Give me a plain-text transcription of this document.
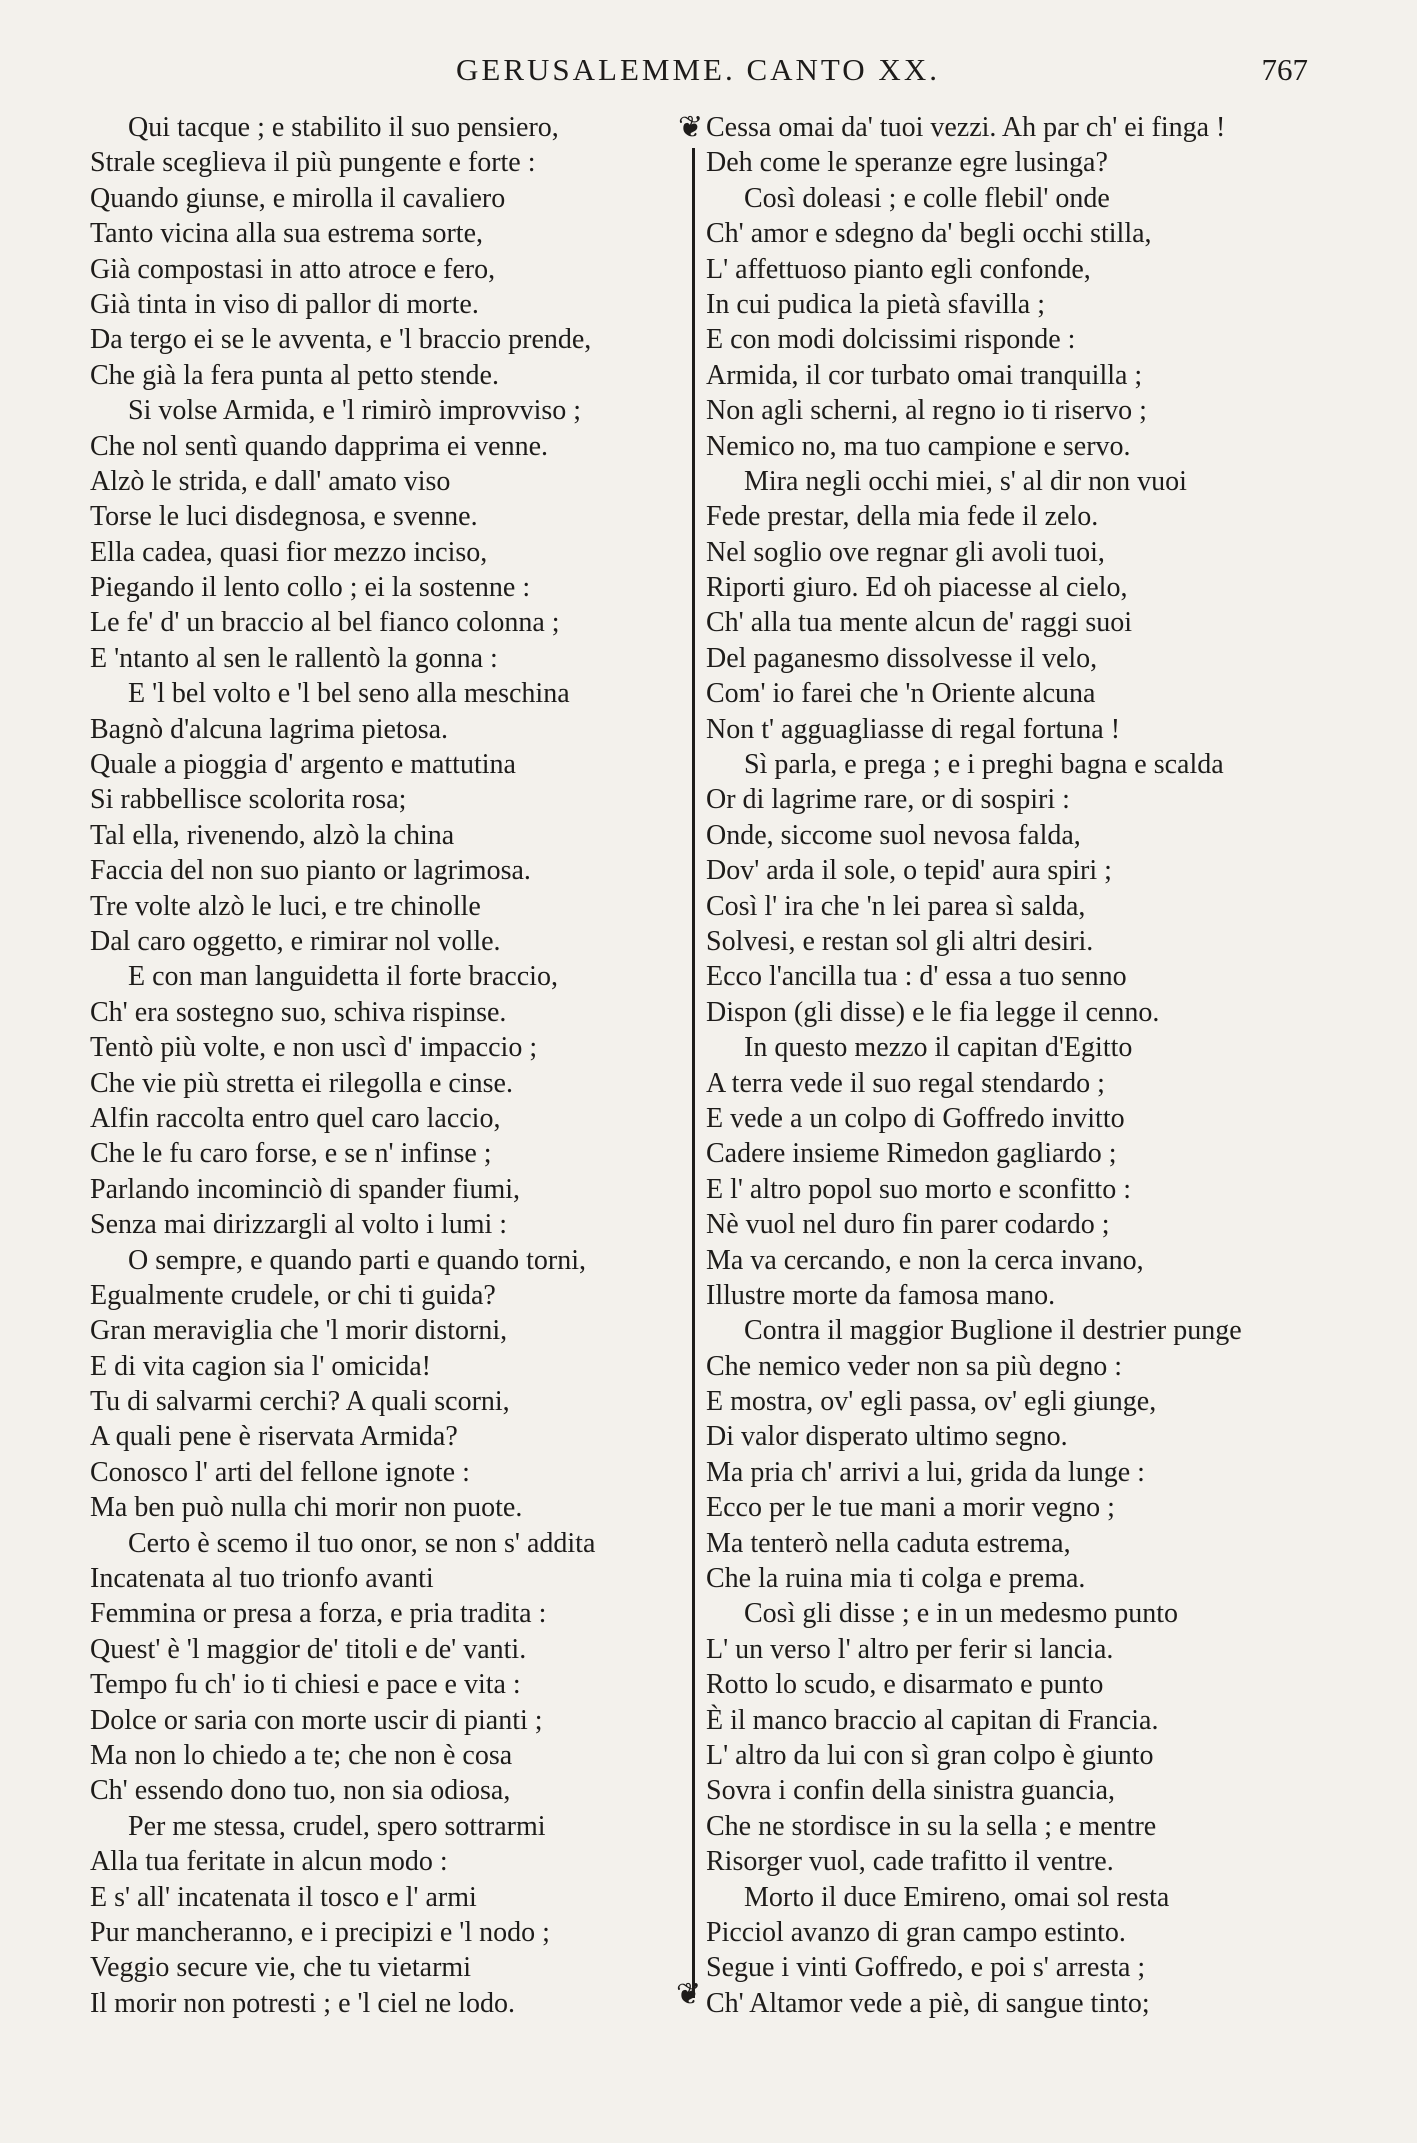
GERUSALEMME. CANTO XX.	767
❦
❦
Qui tacque ; e stabilito il suo pensiero,
Strale sceglieva il più pungente e forte :
Quando giunse, e mirolla il cavaliero
Tanto vicina alla sua estrema sorte,
Già compostasi in atto atroce e fero,
Già tinta in viso di pallor di morte.
Da tergo ei se le avventa, e 'l braccio prende,
Che già la fera punta al petto stende.
Si volse Armida, e 'l rimirò improvviso ;
Che nol sentì quando dapprima ei venne.
Alzò le strida, e dall' amato viso
Torse le luci disdegnosa, e svenne.
Ella cadea, quasi fior mezzo inciso,
Piegando il lento collo ; ei la sostenne :
Le fe' d' un braccio al bel fianco colonna ;
E 'ntanto al sen le rallentò la gonna :
E 'l bel volto e 'l bel seno alla meschina
Bagnò d'alcuna lagrima pietosa.
Quale a pioggia d' argento e mattutina
Si rabbellisce scolorita rosa;
Tal ella, rivenendo, alzò la china
Faccia del non suo pianto or lagrimosa.
Tre volte alzò le luci, e tre chinolle
Dal caro oggetto, e rimirar nol volle.
E con man languidetta il forte braccio,
Ch' era sostegno suo, schiva rispinse.
Tentò più volte, e non uscì d' impaccio ;
Che vie più stretta ei rilegolla e cinse.
Alfin raccolta entro quel caro laccio,
Che le fu caro forse, e se n' infinse ;
Parlando incominciò di spander fiumi,
Senza mai dirizzargli al volto i lumi :
O sempre, e quando parti e quando torni,
Egualmente crudele, or chi ti guida?
Gran meraviglia che 'l morir distorni,
E di vita cagion sia l' omicida!
Tu di salvarmi cerchi? A quali scorni,
A quali pene è riservata Armida?
Conosco l' arti del fellone ignote :
Ma ben può nulla chi morir non puote.
Certo è scemo il tuo onor, se non s' addita
Incatenata al tuo trionfo avanti
Femmina or presa a forza, e pria tradita :
Quest' è 'l maggior de' titoli e de' vanti.
Tempo fu ch' io ti chiesi e pace e vita :
Dolce or saria con morte uscir di pianti ;
Ma non lo chiedo a te; che non è cosa
Ch' essendo dono tuo, non sia odiosa,
Per me stessa, crudel, spero sottrarmi
Alla tua feritate in alcun modo :
E s' all' incatenata il tosco e l' armi
Pur mancheranno, e i precipizi e 'l nodo ;
Veggio secure vie, che tu vietarmi
Il morir non potresti ; e 'l ciel ne lodo.
Cessa omai da' tuoi vezzi. Ah par ch' ei finga !
Deh come le speranze egre lusinga?
Così doleasi ; e colle flebil' onde
Ch' amor e sdegno da' begli occhi stilla,
L' affettuoso pianto egli confonde,
In cui pudica la pietà sfavilla ;
E con modi dolcissimi risponde :
Armida, il cor turbato omai tranquilla ;
Non agli scherni, al regno io ti riservo ;
Nemico no, ma tuo campione e servo.
Mira negli occhi miei, s' al dir non vuoi
Fede prestar, della mia fede il zelo.
Nel soglio ove regnar gli avoli tuoi,
Riporti giuro. Ed oh piacesse al cielo,
Ch' alla tua mente alcun de' raggi suoi
Del paganesmo dissolvesse il velo,
Com' io farei che 'n Oriente alcuna
Non t' agguagliasse di regal fortuna !
Sì parla, e prega ; e i preghi bagna e scalda
Or di lagrime rare, or di sospiri :
Onde, siccome suol nevosa falda,
Dov' arda il sole, o tepid' aura spiri ;
Così l' ira che 'n lei parea sì salda,
Solvesi, e restan sol gli altri desiri.
Ecco l'ancilla tua : d' essa a tuo senno
Dispon (gli disse) e le fia legge il cenno.
In questo mezzo il capitan d'Egitto
A terra vede il suo regal stendardo ;
E vede a un colpo di Goffredo invitto
Cadere insieme Rimedon gagliardo ;
E l' altro popol suo morto e sconfitto :
Nè vuol nel duro fin parer codardo ;
Ma va cercando, e non la cerca invano,
Illustre morte da famosa mano.
Contra il maggior Buglione il destrier punge
Che nemico veder non sa più degno :
E mostra, ov' egli passa, ov' egli giunge,
Di valor disperato ultimo segno.
Ma pria ch' arrivi a lui, grida da lunge :
Ecco per le tue mani a morir vegno ;
Ma tenterò nella caduta estrema,
Che la ruina mia ti colga e prema.
Così gli disse ; e in un medesmo punto
L' un verso l' altro per ferir si lancia.
Rotto lo scudo, e disarmato e punto
È il manco braccio al capitan di Francia.
L' altro da lui con sì gran colpo è giunto
Sovra i confin della sinistra guancia,
Che ne stordisce in su la sella ; e mentre
Risorger vuol, cade trafitto il ventre.
Morto il duce Emireno, omai sol resta
Picciol avanzo di gran campo estinto.
Segue i vinti Goffredo, e poi s' arresta ;
Ch' Altamor vede a piè, di sangue tinto;
